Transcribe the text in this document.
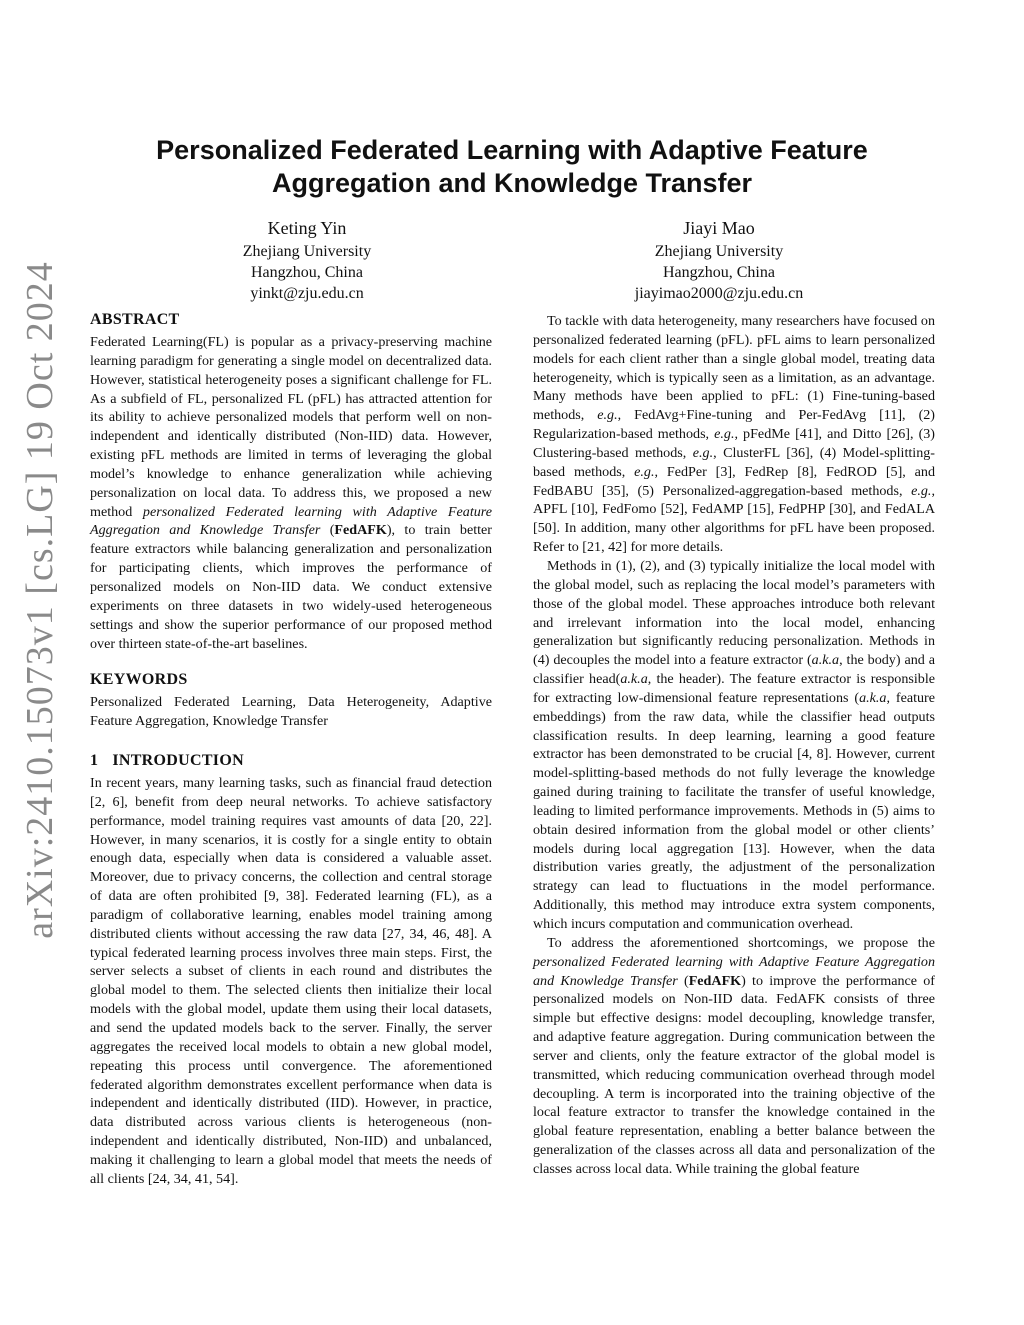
arXiv:2410.15073v1 [cs.LG] 19 Oct 2024
Personalized Federated Learning with Adaptive Feature
Aggregation and Knowledge Transfer
Keting Yin
Zhejiang University
Hangzhou, China
yinkt@zju.edu.cn
Jiayi Mao
Zhejiang University
Hangzhou, China
jiayimao2000@zju.edu.cn
ABSTRACT

Federated Learning(FL) is popular as a privacy-preserving machine learning paradigm for generating a single model on decentralized data. However, statistical heterogeneity poses a significant challenge for FL. As a subfield of FL, personalized FL (pFL) has attracted attention for its ability to achieve personalized models that perform well on non-independent and identically distributed (Non-IID) data. However, existing pFL methods are limited in terms of leveraging the global model’s knowledge to enhance generalization while achieving personalization on local data. To address this, we proposed a new method personalized Federated learning with Adaptive Feature Aggregation and Knowledge Transfer (FedAFK), to train better feature extractors while balancing generalization and personalization for participating clients, which improves the performance of personalized models on Non-IID data. We conduct extensive experiments on three datasets in two widely-used heterogeneous settings and show the superior performance of our proposed method over thirteen state-of-the-art baselines.

KEYWORDS

Personalized Federated Learning, Data Heterogeneity, Adaptive Feature Aggregation, Knowledge Transfer

1 INTRODUCTION

In recent years, many learning tasks, such as financial fraud detection [2, 6], benefit from deep neural networks. To achieve satisfactory performance, model training requires vast amounts of data [20, 22]. However, in many scenarios, it is costly for a single entity to obtain enough data, especially when data is considered a valuable asset. Moreover, due to privacy concerns, the collection and central storage of data are often prohibited [9, 38]. Federated learning (FL), as a paradigm of collaborative learning, enables model training among distributed clients without accessing the raw data [27, 34, 46, 48]. A typical federated learning process involves three main steps. First, the server selects a subset of clients in each round and distributes the global model to them. The selected clients then initialize their local models with the global model, update them using their local datasets, and send the updated models back to the server. Finally, the server aggregates the received local models to obtain a new global model, repeating this process until convergence. The aforementioned federated algorithm demonstrates excellent performance when data is independent and identically distributed (IID). However, in practice, data distributed across various clients is heterogeneous (non-independent and identically distributed, Non-IID) and unbalanced, making it challenging to learn a global model that meets the needs of all clients [24, 34, 41, 54].

To tackle with data heterogeneity, many researchers have focused on personalized federated learning (pFL). pFL aims to learn personalized models for each client rather than a single global model, treating data heterogeneity, which is typically seen as a limitation, as an advantage. Many methods have been applied to pFL: (1) Fine-tuning-based methods, e.g., FedAvg+Fine-tuning and Per-FedAvg [11], (2) Regularization-based methods, e.g., pFedMe [41], and Ditto [26], (3) Clustering-based methods, e.g., ClusterFL [36], (4) Model-splitting-based methods, e.g., FedPer [3], FedRep [8], FedROD [5], and FedBABU [35], (5) Personalized-aggregation-based methods, e.g., APFL [10], FedFomo [52], FedAMP [15], FedPHP [30], and FedALA [50]. In addition, many other algorithms for pFL have been proposed. Refer to [21, 42] for more details.

Methods in (1), (2), and (3) typically initialize the local model with the global model, such as replacing the local model’s parameters with those of the global model. These approaches introduce both relevant and irrelevant information into the local model, enhancing generalization but significantly reducing personalization. Methods in (4) decouples the model into a feature extractor (a.k.a, the body) and a classifier head(a.k.a, the header). The feature extractor is responsible for extracting low-dimensional feature representations (a.k.a, feature embeddings) from the raw data, while the classifier head outputs classification results. In deep learning, learning a good feature extractor has been demonstrated to be crucial [4, 8]. However, current model-splitting-based methods do not fully leverage the knowledge gained during training to facilitate the transfer of useful knowledge, leading to limited performance improvements. Methods in (5) aims to obtain desired information from the global model or other clients’ models during local aggregation [13]. However, when the data distribution varies greatly, the adjustment of the personalization strategy can lead to fluctuations in the model performance. Additionally, this method may introduce extra system components, which incurs computation and communication overhead.

To address the aforementioned shortcomings, we propose the personalized Federated learning with Adaptive Feature Aggregation and Knowledge Transfer (FedAFK) to improve the performance of personalized models on Non-IID data. FedAFK consists of three simple but effective designs: model decoupling, knowledge transfer, and adaptive feature aggregation. During communication between the server and clients, only the feature extractor of the global model is transmitted, which reducing communication overhead through model decoupling. A term is incorporated into the training objective of the local feature extractor to transfer the knowledge contained in the global feature representation, enabling a better balance between the generalization of the classes across all data and personalization of the classes across local data. While training the global feature
